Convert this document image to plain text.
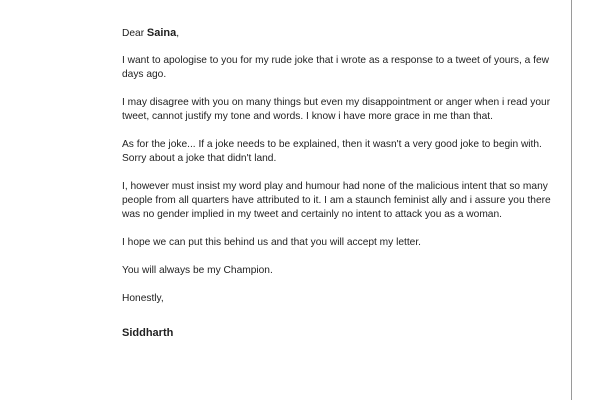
Dear Saina,

I want to apologise to you for my rude joke that i wrote as a response to a tweet of yours, a few days ago.

I may disagree with you on many things but even my disappointment or anger when i read your tweet, cannot justify my tone and words. I know i have more grace in me than that.

As for the joke... If a joke needs to be explained, then it wasn't a very good joke to begin with. Sorry about a joke that didn't land.

I, however must insist my word play and humour had none of the malicious intent that so many people from all quarters have attributed to it. I am a staunch feminist ally and i assure you there was no gender implied in my tweet and certainly no intent to attack you as a woman.

I hope we can put this behind us and that you will accept my letter.

You will always be my Champion.

Honestly,

Siddharth
